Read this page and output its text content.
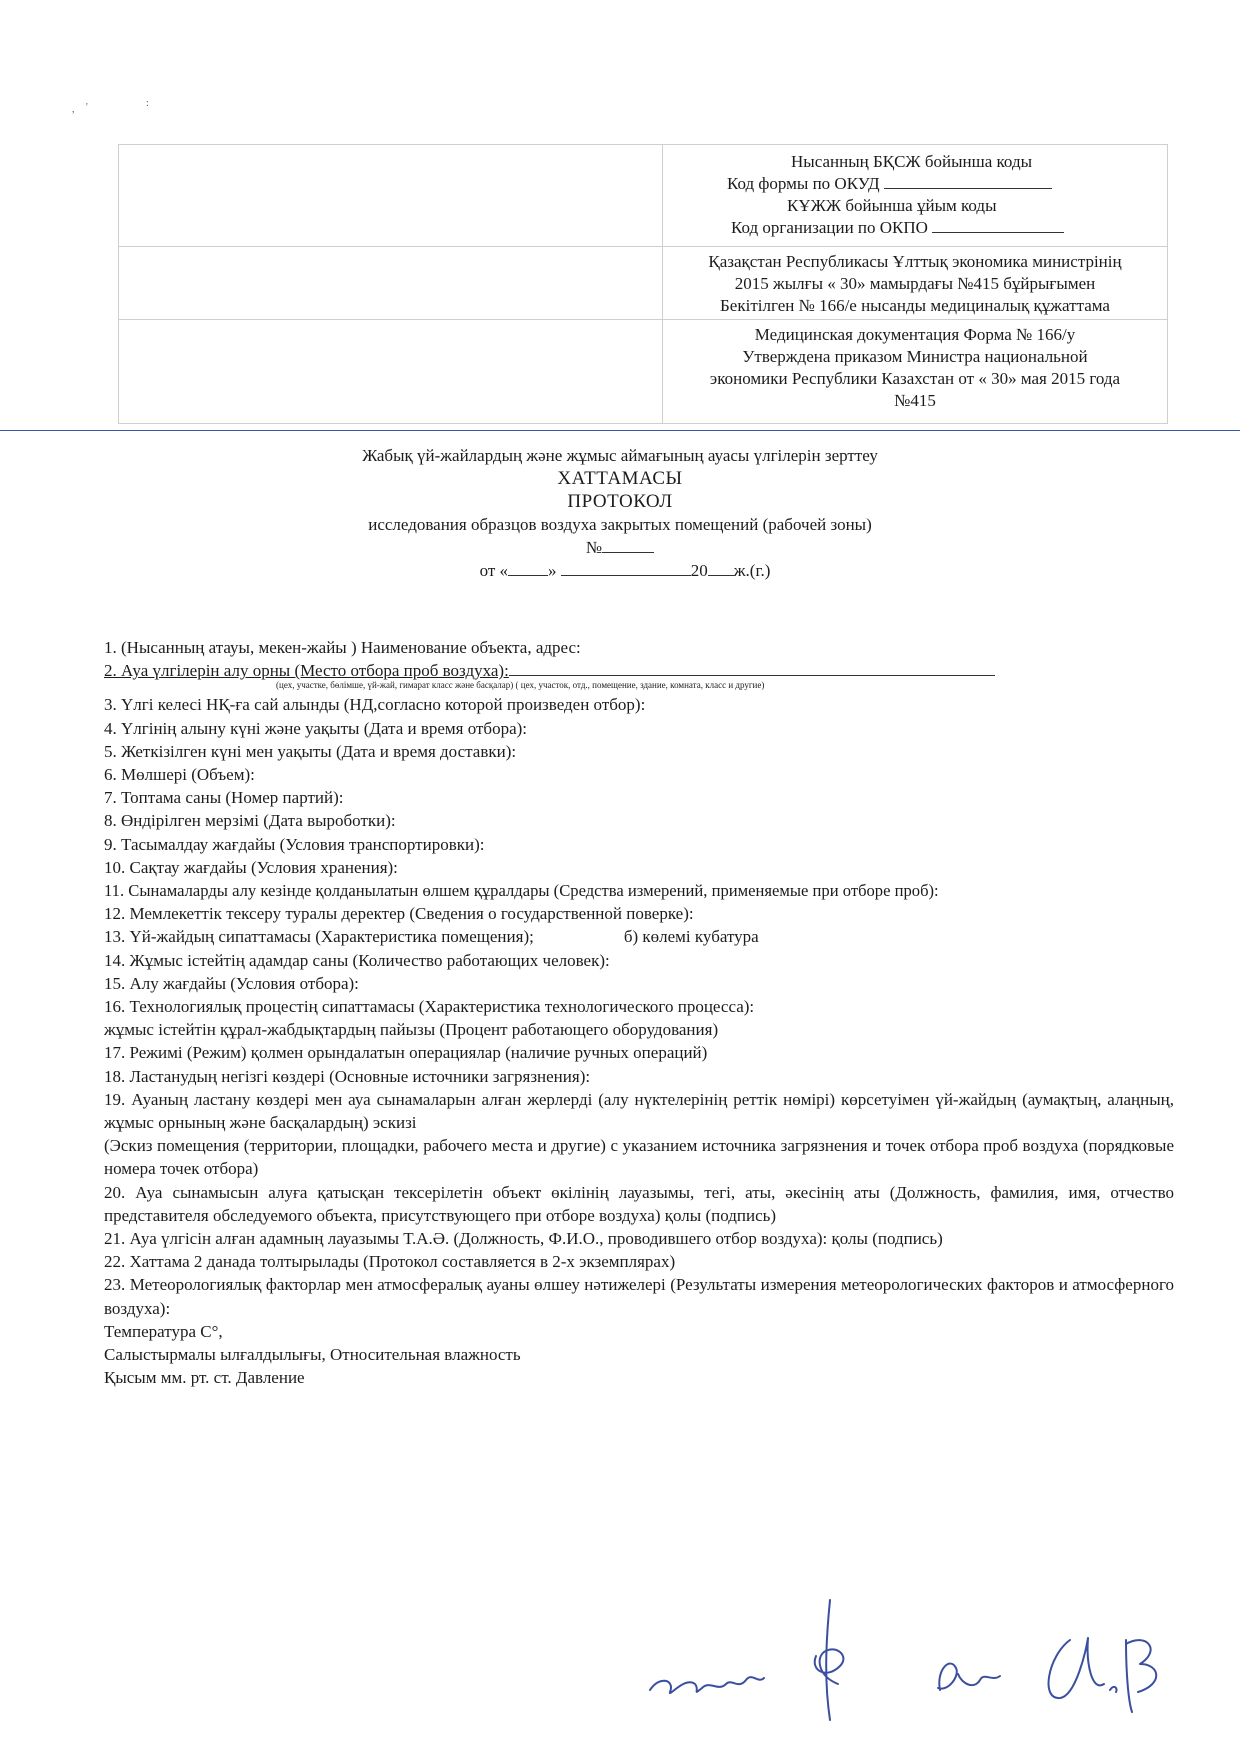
, '	:

	Нысанның БҚСЖ бойынша коды
Код формы по ОКУД
КҰЖЖ бойынша ұйым коды
Код организации по ОКПО

	Қазақстан Республикасы Ұлттық экономика министрінің
2015 жылғы « 30» мамырдағы №415 бұйрығымен
Бекітілген № 166/е нысанды медициналық құжаттама

	Медицинская документация Форма № 166/у
Утверждена приказом Министра национальной
экономики Республики Казахстан от « 30» мая 2015 года
№415
Жабық үй-жайлардың және жұмыс аймағының ауасы үлгілерін зерттеу
ХАТТАМАСЫ
ПРОТОКОЛ
исследования образцов воздуха закрытых помещений (рабочей зоны)
№
от « »	20 ж.(г.)
1. (Нысанның атауы, мекен-жайы ) Наименование объекта, адрес:
2. Ауа үлгілерін алу орны (Место отбора проб воздуха):
(цех, участке, бөлімше, үй-жай, гимарат класс және басқалар) ( цех, участок, отд., помещение, здание, комната, класс и другие)
3. Үлгі келесі НҚ-ға сай алынды (НД,согласно которой произведен отбор):
4. Үлгінің алыну күні және уақыты (Дата и время отбора):
5. Жеткізілген күні мен уақыты (Дата и время доставки):
6. Мөлшері (Объем):
7. Топтама саны (Номер партий):
8. Өндірілген мерзімі (Дата выроботки):
9. Тасымалдау жағдайы (Условия транспортировки):
10. Сақтау жағдайы (Условия хранения):
11. Сынамаларды алу кезінде қолданылатын өлшем құралдары (Средства измерений, применяемые при отборе проб):
12. Мемлекеттік тексеру туралы деректер (Сведения о государственной поверке):
13. Үй-жайдың сипаттамасы (Характеристика помещения);	б) көлемі кубатура
14. Жұмыс істейтің адамдар саны (Количество работающих человек):
15. Алу жағдайы (Условия отбора):
16. Технологиялық процестің сипаттамасы (Характеристика технологического процесса):
жұмыс істейтін құрал-жабдықтардың пайызы (Процент работающего оборудования)
17. Режимі (Режим) қолмен орындалатын операциялар (наличие ручных операций)
18. Ластанудың негізгі көздері (Основные источники загрязнения):
19. Ауаның ластану көздері мен ауа сынамаларын алған жерлерді (алу нүктелерінің реттік нөмірі) көрсетуімен үй-жайдың (аумақтың, алаңның, жұмыс орнының және басқалардың) эскизі
(Эскиз помещения (территории, площадки, рабочего места и другие) с указанием источника загрязнения и точек отбора проб воздуха (порядковые номера точек отбора)
20. Ауа сынамысын алуға қатысқан тексерілетін объект өкілінің лауазымы, тегі, аты, әкесінің аты (Должность, фамилия, имя, отчество представителя обследуемого объекта, присутствующего при отборе воздуха) қолы (подпись)
21. Ауа үлгісін алған адамның лауазымы Т.А.Ә. (Должность, Ф.И.О., проводившего отбор воздуха): қолы (подпись)
22. Хаттама 2 данада толтырылады (Протокол составляется в 2-х экземплярах)
23. Метеорологиялық факторлар мен атмосфералық ауаны өлшеу нәтижелері (Результаты измерения метеорологических факторов и атмосферного воздуха):
Температура С°,
Салыстырмалы ылғалдылығы, Относительная влажность
Қысым мм. рт. ст. Давление
